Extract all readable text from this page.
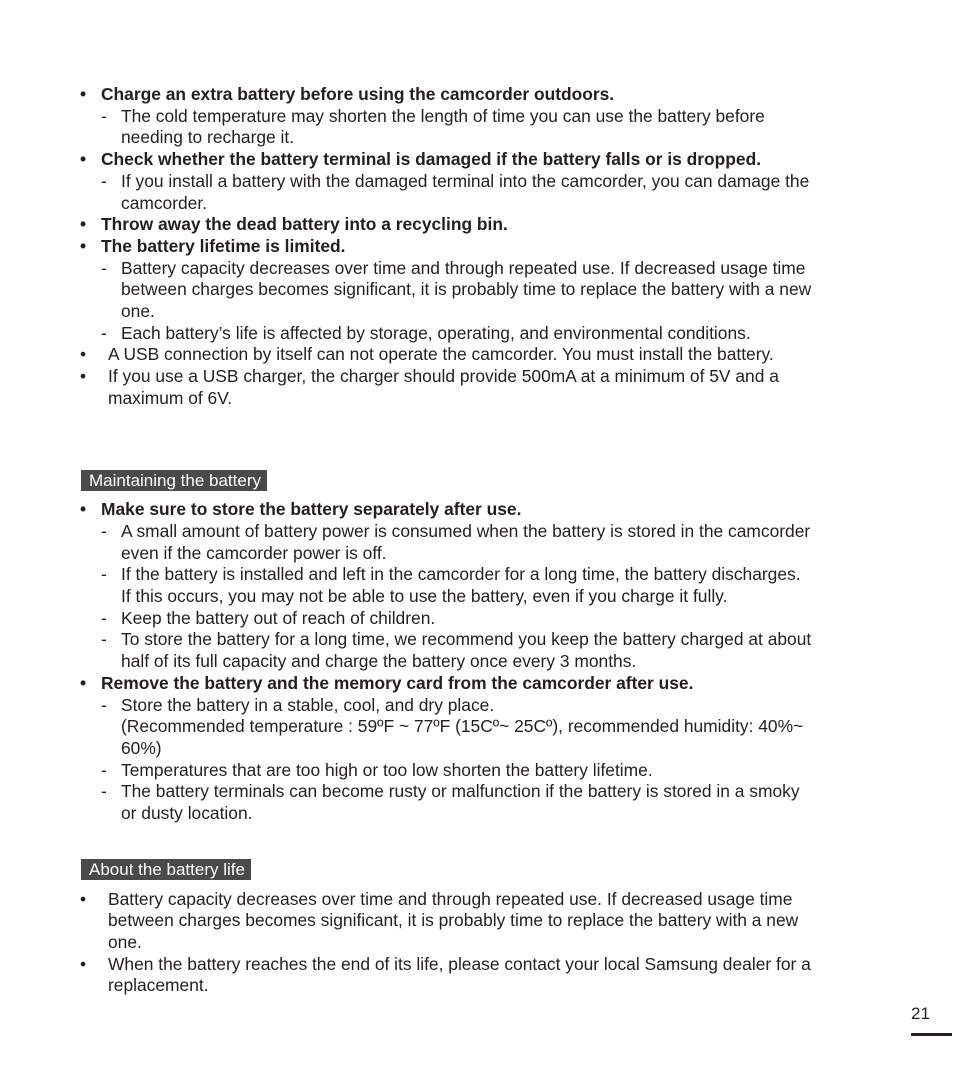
• Charge an extra battery before using the camcorder outdoors.
- The cold temperature may shorten the length of time you can use the battery before
needing to recharge it.
• Check whether the battery terminal is damaged if the battery falls or is dropped.
- If you install a battery with the damaged terminal into the camcorder, you can damage the
camcorder.
• Throw away the dead battery into a recycling bin.
• The battery lifetime is limited.
- Battery capacity decreases over time and through repeated use. If decreased usage time
between charges becomes significant, it is probably time to replace the battery with a new
one.
- Each battery’s life is affected by storage, operating, and environmental conditions.
• A USB connection by itself can not operate the camcorder. You must install the battery.
• If you use a USB charger, the charger should provide 500mA at a minimum of 5V and a
maximum of 6V.
Maintaining the battery
• Make sure to store the battery separately after use.
- A small amount of battery power is consumed when the battery is stored in the camcorder
even if the camcorder power is off.
- If the battery is installed and left in the camcorder for a long time, the battery discharges.
If this occurs, you may not be able to use the battery, even if you charge it fully.
- Keep the battery out of reach of children.
- To store the battery for a long time, we recommend you keep the battery charged at about
half of its full capacity and charge the battery once every 3 months.
• Remove the battery and the memory card from the camcorder after use.
- Store the battery in a stable, cool, and dry place.
(Recommended temperature : 59ºF ~ 77ºF (15Cº~ 25Cº), recommended humidity: 40%~
60%)
- Temperatures that are too high or too low shorten the battery lifetime.
- The battery terminals can become rusty or malfunction if the battery is stored in a smoky
or dusty location.
About the battery life
• Battery capacity decreases over time and through repeated use. If decreased usage time
between charges becomes significant, it is probably time to replace the battery with a new
one.
• When the battery reaches the end of its life, please contact your local Samsung dealer for a
replacement.
21
